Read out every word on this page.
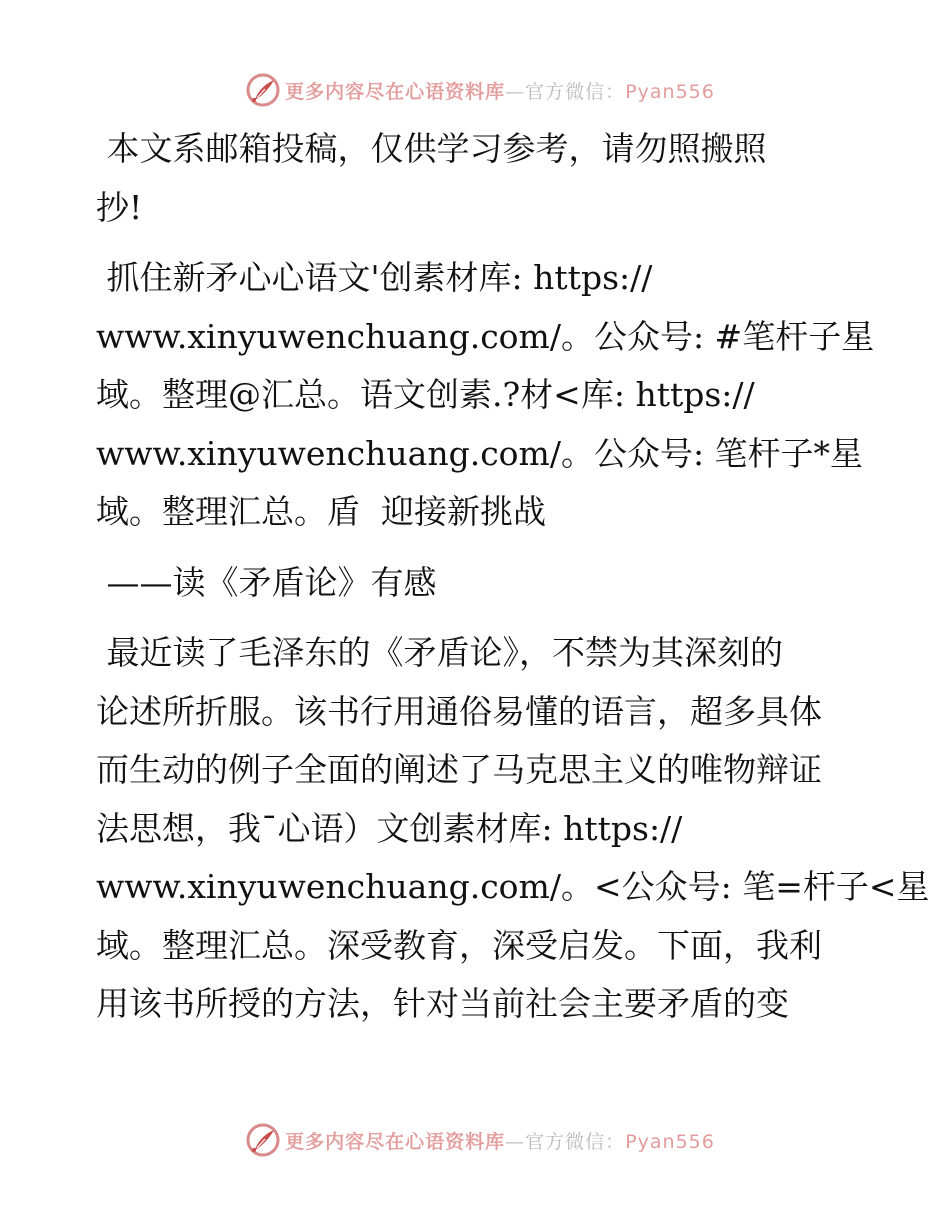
更多内容尽在心语资料库—官方微信：Pyan556

本文系邮箱投稿，仅供学习参考，请勿照搬照
抄!

抓住新矛心心语文'创素材库: https://
www.xinyuwenchuang.com/。公众号: #笔杆子星
域。整理@汇总。语文创素.?材<库: https://
www.xinyuwenchuang.com/。公众号: 笔杆子*星
域。整理汇总。盾  迎接新挑战

——读《矛盾论》有感

最近读了毛泽东的《矛盾论》，不禁为其深刻的
论述所折服。该书行用通俗易懂的语言，超多具体
而生动的例子全面的阐述了马克思主义的唯物辩证
法思想，我¯心语）文创素材库: https://
www.xinyuwenchuang.com/。<公众号: 笔=杆子<星
域。整理汇总。深受教育，深受启发。下面，我利
用该书所授的方法，针对当前社会主要矛盾的变

更多内容尽在心语资料库—官方微信：Pyan556
